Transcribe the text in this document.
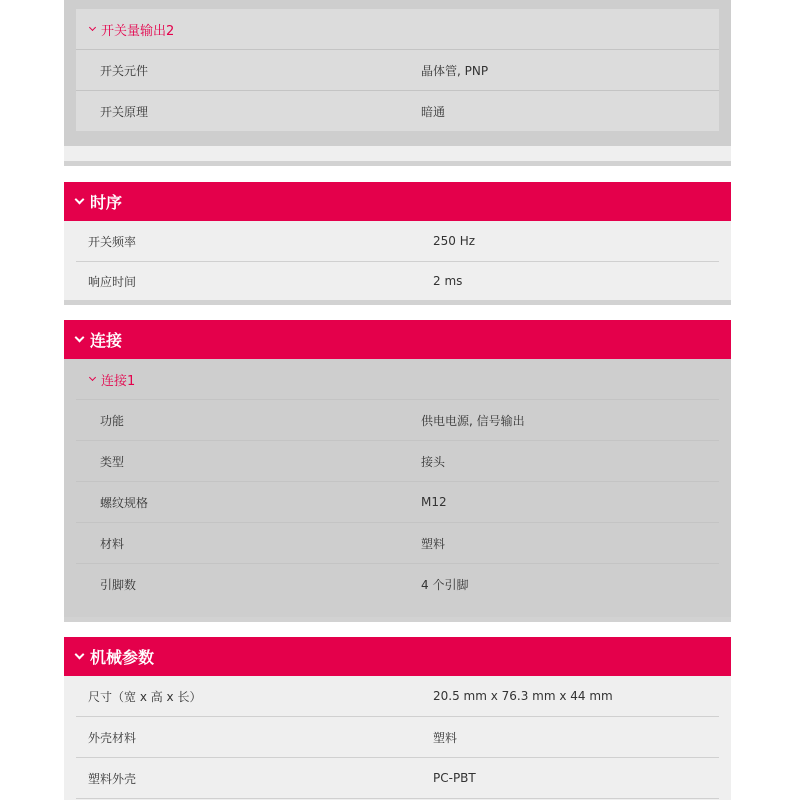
开关量输出2
开关元件	晶体管, PNP
开关原理	暗通
时序
开关频率	250 Hz
响应时间	2 ms
连接
连接1
功能	供电电源, 信号输出
类型	接头
螺纹规格	M12
材料	塑料
引脚数	4 个引脚
机械参数
尺寸（宽 x 高 x 长）	20.5 mm x 76.3 mm x 44 mm
外壳材料	塑料
塑料外壳	PC-PBT
